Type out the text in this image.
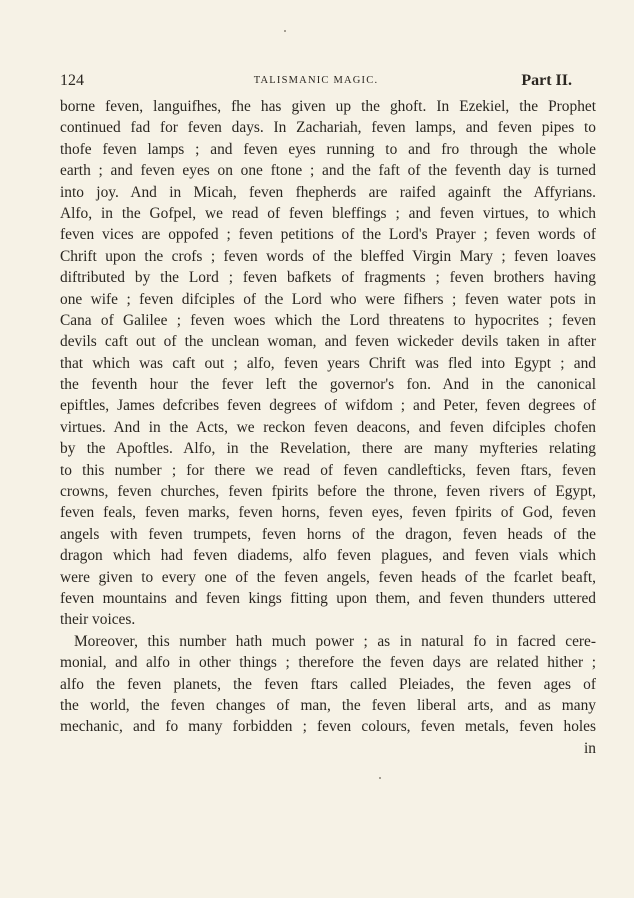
124	TALISMANIC MAGIC.	Part II.
borne feven, languifhes, fhe has given up the ghoft. In Ezekiel, the Prophet
continued fad for feven days. In Zachariah, feven lamps, and feven pipes to
thofe feven lamps ; and feven eyes running to and fro through the whole
earth ; and feven eyes on one ftone ; and the faft of the feventh day is turned
into joy. And in Micah, feven fhepherds are raifed againft the Affyrians.
Alfo, in the Gofpel, we read of feven bleffings ; and feven virtues, to which
feven vices are oppofed ; feven petitions of the Lord's Prayer ; feven words of
Chrift upon the crofs ; feven words of the bleffed Virgin Mary ; feven loaves
diftributed by the Lord ; feven bafkets of fragments ; feven brothers having
one wife ; feven difciples of the Lord who were fifhers ; feven water pots in
Cana of Galilee ; feven woes which the Lord threatens to hypocrites ; feven
devils caft out of the unclean woman, and feven wickeder devils taken in after
that which was caft out ; alfo, feven years Chrift was fled into Egypt ; and
the feventh hour the fever left the governor's fon. And in the canonical
epiftles, James defcribes feven degrees of wifdom ; and Peter, feven degrees of
virtues. And in the Acts, we reckon feven deacons, and feven difciples chofen
by the Apoftles. Alfo, in the Revelation, there are many myfteries relating
to this number ; for there we read of feven candlefticks, feven ftars, feven
crowns, feven churches, feven fpirits before the throne, feven rivers of Egypt,
feven feals, feven marks, feven horns, feven eyes, feven fpirits of God, feven
angels with feven trumpets, feven horns of the dragon, feven heads of the
dragon which had feven diadems, alfo feven plagues, and feven vials which
were given to every one of the feven angels, feven heads of the fcarlet beaft,
feven mountains and feven kings fitting upon them, and feven thunders uttered
their voices.
Moreover, this number hath much power ; as in natural fo in facred cere-
monial, and alfo in other things ; therefore the feven days are related hither ;
alfo the feven planets, the feven ftars called Pleiades, the feven ages of
the world, the feven changes of man, the feven liberal arts, and as many
mechanic, and fo many forbidden ; feven colours, feven metals, feven holes
in
